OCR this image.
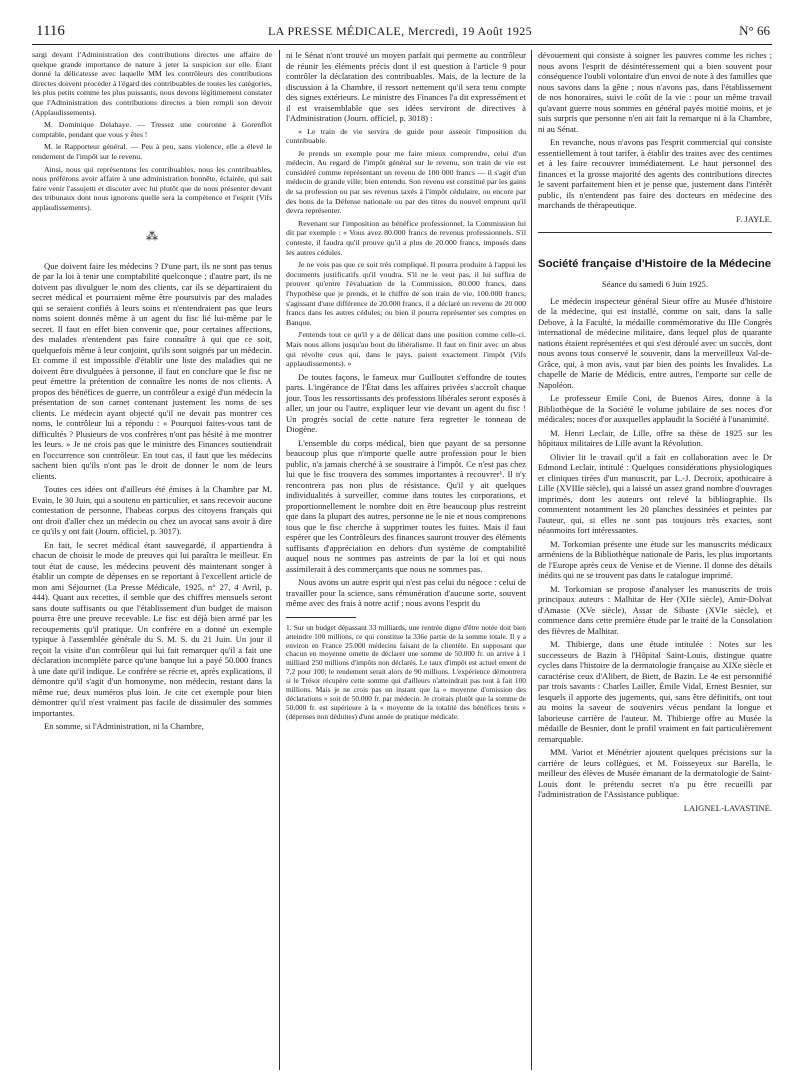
1116	LA PRESSE MÉDICALE, Mercredi, 19 Août 1925	N° 66

sargi devant l'Administration des contributions directes une affaire de quelque grande importance de nature à jeter la suspicion sur elle. Étant donné la délicatesse avec laquelle MM les contrôleurs des contributions directes doivent procéder à l'égard des contribuables de toutes les catégories, les plus petits comme les plus puissants, nous devons légitimement constater que l'Administration des contributions directes a bien rempli son devoir (Applaudissements).

M. Dominique Delahaye. — Tressez une couronne à Gorenflot comptable, pendant que vous y êtes !

M. le Rapporteur général. — Peu à peu, sans violence, elle a élevé le rendement de l'impôt sur le revenu.

Ainsi, nous qui représentons les contribuables, nous les contribuables, nous préférons avoir affaire à une administration honnête, éclairée, qui sait faire venir l'assujetti et discuter avec lui plutôt que de nous présenter devant des tribunaux dont nous ignorons quelle sera la compétence et l'esprit (Vifs applaudissements).

⁂

Que doivent faire les médecins ? D'une part, ils ne sont pas tenus de par la loi à tenir une comptabilité quelconque ; d'autre part, ils ne doivent pas divulguer le nom des clients, car ils se départiraient du secret médical et pourraient même être poursuivis par des malades qui se seraient confiés à leurs soins et n'entendraient pas que leurs noms soient donnés même à un agent du fisc lié lui-même par le secret. Il faut en effet bien convenir que, pour certaines affections, des malades n'entendent pas faire connaître à qui que ce soit, quelquefois même à leur conjoint, qu'ils sont soignés par un médecin. Et comme il est impossible d'établir une liste des maladies qui ne doivent être divulguées à personne, il faut en conclure que le fisc ne peut émettre la prétention de connaître les noms de nos clients. A propos des bénéfices de guerre, un contrôleur a exigé d'un médecin la présentation de son carnet contenant justement les noms de ses clients. Le médecin ayant objecté qu'il ne devait pas montrer ces noms, le contrôleur lui a répondu : « Pourquoi faites-vous tant de difficultés ? Plusieurs de vos confrères n'ont pas hésité à me montrer les leurs. » Je ne crois pas que le ministre des Finances soutiendrait en l'occurrence son contrôleur. En tout cas, il faut que les médecins sachent bien qu'ils n'ont pas le droit de donner le nom de leurs clients.

Toutes ces idées ont d'ailleurs été émises à la Chambre par M. Evain, le 30 Juin, qui a soutenu en particulier, et sans recevoir aucune contestation de personne, l'habeas corpus des citoyens français qui ont droit d'aller chez un médecin ou chez un avocat sans avoir à dire ce qu'ils y ont fait (Journ. officiel, p. 3017).

En fait, le secret médical étant sauvegardé, il appartiendra à chacun de choisir le mode de preuves qui lui paraîtra le meilleur. En tout état de cause, les médecins peuvent dès maintenant songer à établir un compte de dépenses en se reportant à l'excellent article de mon ami Séjournet (La Presse Médicale, 1925, n° 27, 4 Avril, p. 444). Quant aux recettes, il semble que des chiffres mensuels seront sans doute suffisants ou que l'établissement d'un budget de maison pourra être une preuve recevable. Le fisc est déjà bien armé par les recoupements qu'il pratique. Un confrère en a donné un exemple typique à l'assemblée générale du S. M. S. du 21 Juin. Un jour il reçoit la visite d'un contrôleur qui lui fait remarquer qu'il a fait une déclaration incomplète parce qu'une banque lui a payé 50.000 francs à une date qu'il indique. Le confrère se récrie et, après explications, il démontre qu'il s'agit d'un homonyme, non médecin, restant dans la même rue, deux numéros plus loin. Je cite cet exemple pour bien démontrer qu'il n'est vraiment pas facile de dissimuler des sommes importantes.

En somme, si l'Administration, ni la Chambre,

ni le Sénat n'ont trouvé un moyen parfait qui permette au contrôleur de réunir les éléments précis dont il est question à l'article 9 pour contrôler la déclaration des contribuables. Mais, de la lecture de la discussion à la Chambre, il ressort nettement qu'il sera tenu compte des signes extérieurs. Le ministre des Finances l'a dit expressément et il est vraisemblable que ses idées serviront de directives à l'Administration (Journ. officiel, p. 3018) :

« Le train de vie servira de guide pour asseoir l'imposition du contribuable.

Je prends un exemple pour me faire mieux comprendre, celui d'un médecin. Au regard de l'impôt général sur le revenu, son train de vie est considéré comme représentant un revenu de 100 000 francs — il s'agit d'un médecin de grande ville; bien entendu. Son revenu est constitué par les gains de sa profession ou par ses revenus taxés à l'impôt cédulaire, ou encore par des bons de la Défense nationale ou par des titres du nouvel emprunt qu'il devra représenter.

Revenant sur l'imposition au bénéfice professionnel, la Commission lui dit par exemple : « Vous avez 80.000 francs de revenus professionnels. S'il conteste, il faudra qu'il prouve qu'il a plus de 20.000 francs, imposés dans les autres cédules.

Je ne vois pas que ce soit très compliqué. Il pourra produire à l'appui les documents justificatifs qu'il voudra. S'il ne le veut pas, il lui suffira de prouver qu'entre l'évaluation de la Commission, 80.000 francs, dans l'hypothèse que je prends, et le chiffre de son train de vie, 100.000 francs, s'agissant d'une différence de 20.000 francs, il a déclaré un revenu de 20 000 francs dans les autres cédules; ou bien il pourra représenter ses comptes en Banque.

J'entends tout ce qu'il y a de délicat dans une position comme celle-ci. Mais nous allons jusqu'au bout du libéralisme. Il faut en finir avec un abus qui révolte ceux qui, dans le pays, paient exactement l'impôt (Vifs applaudissements). »

De toutes façons, le fameux mur Guilloutet s'effondre de toutes parts. L'ingérance de l'État dans les affaires privées s'accroît chaque jour. Tous les ressortissants des professions libérales seront exposés à aller, un jour ou l'autre, expliquer leur vie devant un agent du fisc ! Un progrès social de cette nature fera regretter le tonneau de Diogène.

L'ensemble du corps médical, bien que payant de sa personne beaucoup plus que n'importe quelle autre profession pour le bien public, n'a jamais cherché à se soustraire à l'impôt. Ce n'est pas chez lui que le fisc trouvera des sommes importantes à recouvrer¹. Il n'y rencontrera pas non plus de résistance. Qu'il y ait quelques individualités à surveiller, comme dans toutes les corporations, et proportionnellement le nombre doit en être beaucoup plus restreint que dans la plupart des autres, personne ne le nie et nous comprenons tous que le fisc cherche à supprimer toutes les fuites. Mais il faut espérer que les Contrôleurs des finances sauront trouver des éléments suffisants d'appréciation en dehors d'un système de comptabilité auquel nous ne sommes pas astreints de par la loi et qui nous assimilerait à des commerçants que nous ne sommes pas.

Nous avons un autre esprit qui n'est pas celui du négoce : celui de travailler pour la science, sans rémunération d'aucune sorte, souvent même avec des frais à notre actif ; nous avons l'esprit du

1. Sur un budget dépassant 33 milliards, une rentrée digne d'être notée doit bien atteindre 100 millions, ce qui constitue la 336e partie de la somme totale. Il y a environ en France 25.000 médecins faisant de la clientèle. En supposant que chacun en moyenne omette de déclarer une somme de 50.000 fr. on arrive à 1 milliard 250 millions d'impôts non déclarés. Le taux d'impôt est actuel ement de 7,2 pour 100; le rendement serait alors de 90 millions. L'expérience démontrera si le Trésor récupère cette somme qui d'ailleurs n'atteindrait pas tout à fait 100 millions. Mais je ne crois pas un instant que la « moyenne d'omission des déclarations » soit de 50.000 fr. par médecin. Je croirais plutôt que la somme de 50.000 fr. est supérieure à la « moyenne de la totalité des bénéfices bruts » (dépenses non déduites) d'une année de pratique médicale.

dévouement qui consiste à soigner les pauvres comme les riches ; nous avons l'esprit de désintéressement qui a bien souvent pour conséquence l'oubli volontaire d'un envoi de note à des familles que nous savons dans la gêne ; nous n'avons pas, dans l'établissement de nos honoraires, suivi le coût de la vie : pour un même travail qu'avant guerre nous sommes en général payés moitié moins, et je suis surpris que personne n'en ait fait la remarque ni à la Chambre, ni au Sénat.

En revanche, nous n'avons pas l'esprit commercial qui consiste essentiellement à tout tarifer, à établir des traites avec des centimes et à les faire recouvrer immédiatement. Le haut personnel des finances et la grosse majorité des agents des contributions directes le savent parfaitement bien et je pense que, justement dans l'intérêt public, ils n'entendent pas faire des docteurs en médecine des marchands de thérapeutique.

F. JAYLE.

Société française d'Histoire de la Médecine

Séance du samedi 6 Juin 1925.

Le médecin inspecteur général Sieur offre au Musée d'histoire de la médecine, qui est installé, comme on sait, dans la salle Debove, à la Faculté, la médaille commémorative du IIIe Congrès international de médecine militaire, dans lequel plus de quarante nations étaient représentées et qui s'est déroulé avec un succès, dont nous avons tous conservé le souvenir, dans la merveilleux Val-de-Grâce, qui, à mon avis, vaut par bien des points les Invalides. La chapelle de Marie de Médicis, entre autres, l'emporte sur celle de Napoléon.

Le professeur Emile Coni, de Buenos Aires, donne à la Bibliothèque de la Société le volume jubilaire de ses noces d'or médicales; noces d'or auxquelles applaudit la Société à l'unanimité.

M. Henri Leclair, de Lille, offre sa thèse de 1925 sur les hôpitaux militaires de Lille avant la Révolution.

Olivier lit le travail qu'il a fait en collaboration avec le Dr Edmond Leclair, intitulé : Quelques considérations physiologiques et cliniques tirées d'un manuscrit, par L.-J. Decroix, apothicaire à Lille (XVIIIe siècle), qui a laissé un assez grand nombre d'ouvrages imprimés, dont les auteurs ont relevé la bibliographie. Ils commentent notamment les 20 planches dessinées et peintes par l'auteur, qui, si elles ne sont pas toujours très exactes, sont néanmoins fort intéressantes.

M. Torkomian présente une étude sur les manuscrits médicaux arméniens de la Bibliothèque nationale de Paris, les plus importants de l'Europe après ceux de Venise et de Vienne. Il donne des détails inédits qui ne se trouvent pas dans le catalogue imprimé.

M. Torkomian se propose d'analyser les manuscrits de trois principaux auteurs : Malhitar de Her (XIIe siècle), Amir-Dolvat d'Amasie (XVe siècle), Assar de Sibaste (XVIe siècle), et commence dans cette première étude par le traité de la Consolation des fièvres de Malhitar.

M. Thibierge, dans une étude intitulée : Notes sur les successeurs de Bazin à l'Hôpital Saint-Louis, distingue quatre cycles dans l'histoire de la dermatologie française au XIXe siècle et caractérise ceux d'Alibert, de Biett, de Bazin. Le 4e est personnifié par trois savants : Charles Lailler, Émile Vidal, Ernest Besnier, sur lesquels il apporte des jugements, qui, sans être définitifs, ont tout au moins la saveur de souvenirs vécus pendant la longue et laborieuse carrière de l'auteur. M. Thibierge offre au Musée la médaille de Besnier, dont le profil vraiment en fait particulièrement remarquable.

MM. Variot et Ménétrier ajoutent quelques précisions sur la carrière de leurs collègues, et M. Foisseyeux sur Barella, le meilleur des élèves de Musée émanant de la dermatologie de Saint-Louis dont le prétendu secret n'a pu être recueilli par l'administration de l'Assistance publique.

LAIGNEL-LAVASTINE.
